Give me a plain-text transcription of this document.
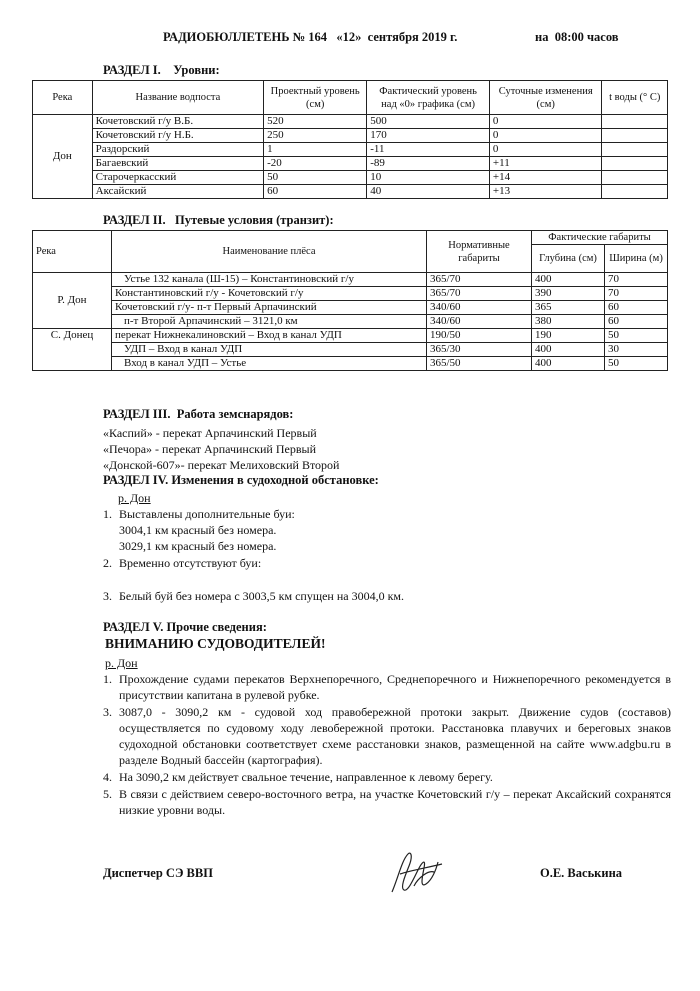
РАДИОБЮЛЛЕТЕНЬ № 164   «12»  сентября 2019 г.	на  08:00 часов
РАЗДЕЛ I.    Уровни:
Река	Название водпоста	Проектный уровень (см)	Фактический уровень над «0» графика (см)	Суточные изменения (см)	t воды (° C)
Дон	Кочетовский г/у В.Б.	520	500	0	
	Кочетовский г/у Н.Б.	250	170	0	
	Раздорский	1	-11	0	
	Багаевский	-20	-89	+11	
	Старочеркасский	50	10	+14	
	Аксайский	60	40	+13	
РАЗДЕЛ II.   Путевые условия (транзит):
Река	Наименование плёса	Нормативные габариты	Фактические габариты	
			Глубина (см)	Ширина (м)
Р. Дон	Устье 132 канала (Ш-15) – Константиновский г/у	365/70	400	70
	Константиновский г/у - Кочетовский г/у	365/70	390	70
	Кочетовский г/у- п-т Первый Арпачинский	340/60	365	60
	п-т Второй Арпачинский – 3121,0 км	340/60	380	60
С. Донец	перекат Нижнекалиновский – Вход в канал УДП	190/50	190	50
	УДП – Вход в канал УДП	365/30	400	30
	Вход в канал УДП – Устье	365/50	400	50
РАЗДЕЛ III.  Работа земснарядов:
«Каспий» - перекат Арпачинский Первый
«Печора» - перекат Арпачинский Первый
«Донской-607»- перекат Мелиховский Второй
РАЗДЕЛ IV. Изменения в судоходной обстановке:
р. Дон
1. Выставлены дополнительные буи:
3004,1 км красный без номера.
3029,1 км красный без номера.
2. Временно отсутствуют буи:
3. Белый буй без номера с 3003,5 км спущен на 3004,0 км.
РАЗДЕЛ V. Прочие сведения:
ВНИМАНИЮ СУДОВОДИТЕЛЕЙ!
р. Дон
1. Прохождение судами перекатов Верхнепоречного, Среднепоречного и Нижнепоречного рекомендуется в присутствии капитана в рулевой рубке.
3. 3087,0 - 3090,2 км - судовой ход правобережной протоки закрыт. Движение судов (составов) осуществляется по судовому ходу левобережной протоки. Расстановка плавучих и береговых знаков судоходной обстановки соответствует схеме расстановки знаков, размещенной на сайте www.adgbu.ru в разделе Водный бассейн (картография).
4. На 3090,2 км действует свальное течение, направленное к левому берегу.
5. В связи с действием северо-восточного ветра, на участке Кочетовский г/у – перекат Аксайский сохранятся низкие уровни воды.
Диспетчер СЭ ВВП	О.Е. Васькина
